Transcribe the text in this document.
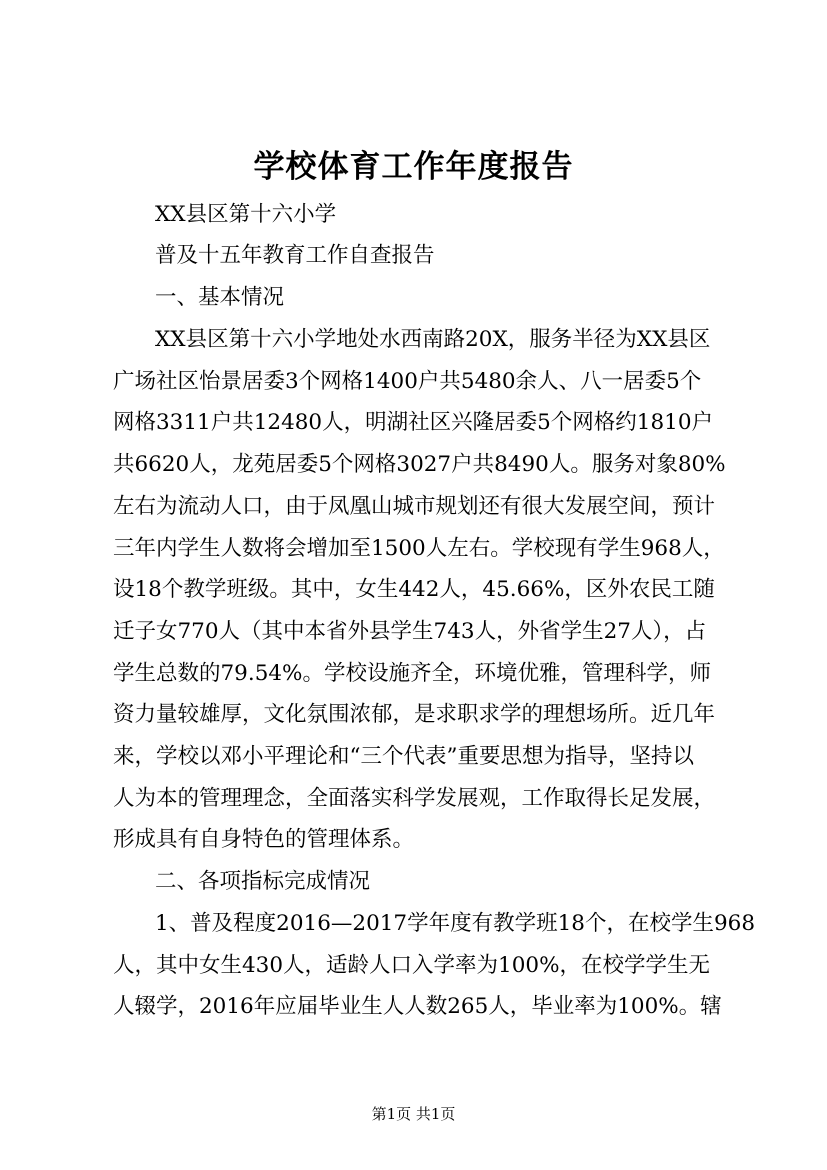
学校体育工作年度报告
XX县区第十六小学
普及十五年教育工作自查报告
一、基本情况
XX县区第十六小学地处水西南路20X，服务半径为XX县区
广场社区怡景居委3个网格1400户共5480余人、八一居委5个
网格3311户共12480人，明湖社区兴隆居委5个网格约1810户
共6620人，龙苑居委5个网格3027户共8490人。服务对象80%
左右为流动人口，由于凤凰山城市规划还有很大发展空间，预计
三年内学生人数将会增加至1500人左右。学校现有学生968人，
设18个教学班级。其中，女生442人，45.66%，区外农民工随
迁子女770人（其中本省外县学生743人，外省学生27人），占
学生总数的79.54%。学校设施齐全，环境优雅，管理科学，师
资力量较雄厚，文化氛围浓郁，是求职求学的理想场所。近几年
来，学校以邓小平理论和“三个代表”重要思想为指导，坚持以
人为本的管理理念，全面落实科学发展观，工作取得长足发展，
形成具有自身特色的管理体系。
二、各项指标完成情况
1、普及程度2016—2017学年度有教学班18个，在校学生968
人，其中女生430人，适龄人口入学率为100%，在校学学生无
人辍学，2016年应届毕业生人人数265人，毕业率为100%。辖
第1页 共1页
